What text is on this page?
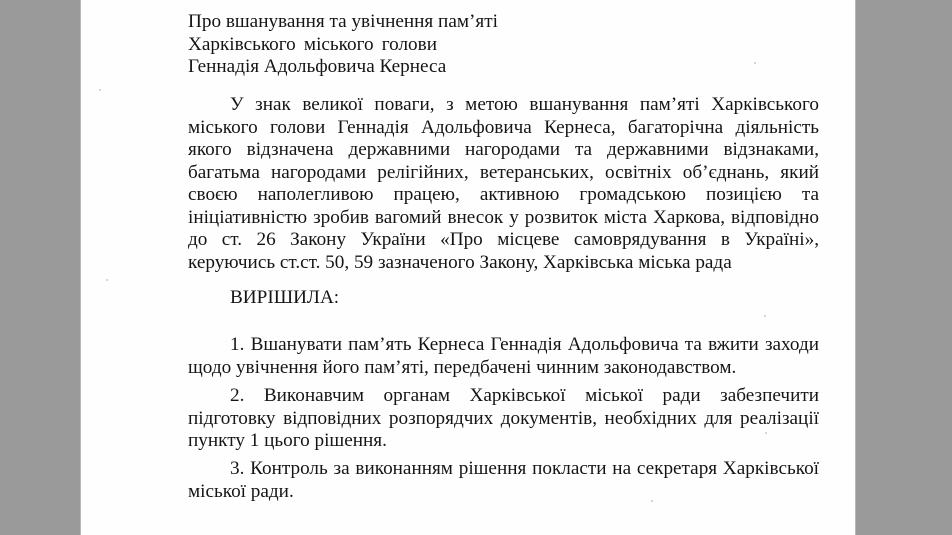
Про вшанування та увічнення пам’яті
Харківського міського голови
Геннадія Адольфовича Кернеса

У знак великої поваги, з метою вшанування пам’яті Харківського міського голови Геннадія Адольфовича Кернеса, багаторічна діяльність якого відзначена державними нагородами та державними відзнаками, багатьма нагородами релігійних, ветеранських, освітніх об’єднань, який своєю наполегливою працею, активною громадською позицією та ініціативністю зробив вагомий внесок у розвиток міста Харкова, відповідно до ст. 26 Закону України «Про місцеве самоврядування в Україні», керуючись ст.ст. 50, 59 зазначеного Закону, Харківська міська рада

ВИРІШИЛА:

1. Вшанувати пам’ять Кернеса Геннадія Адольфовича та вжити заходи щодо увічнення його пам’яті, передбачені чинним законодавством.

2. Виконавчим органам Харківської міської ради забезпечити підготовку відповідних розпорядчих документів, необхідних для реалізації пункту 1 цього рішення.

3. Контроль за виконанням рішення покласти на секретаря Харківської міської ради.
